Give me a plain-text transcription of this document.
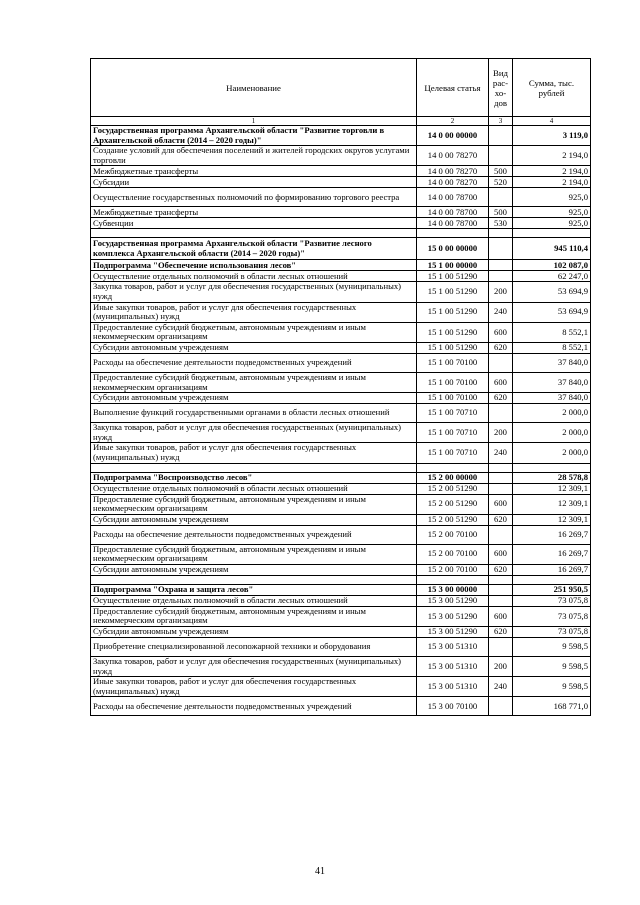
Наименование	Целевая статья	Вид рас- хо- дов	Сумма, тыс. рублей
1	2	3	4
Государственная программа Архангельской области "Развитие торговли в Архангельской области (2014 – 2020 годы)"	14 0 00 00000		3 119,0
Создание условий для обеспечения поселений и жителей городских округов услугами торговли	14 0 00 78270		2 194,0
Межбюджетные трансферты	14 0 00 78270	500	2 194,0
Субсидии	14 0 00 78270	520	2 194,0
Осуществление государственных полномочий по формированию торгового реестра	14 0 00 78700		925,0
Межбюджетные трансферты	14 0 00 78700	500	925,0
Субвенции	14 0 00 78700	530	925,0

Государственная программа Архангельской области "Развитие лесного комплекса Архангельской области (2014 – 2020 годы)"	15 0 00 00000		945 110,4
Подпрограмма "Обеспечение использования лесов"	15 1 00 00000		102 087,0
Осуществление отдельных полномочий в области лесных отношений	15 1 00 51290		62 247,0
Закупка товаров, работ и услуг для обеспечения государственных (муниципальных) нужд	15 1 00 51290	200	53 694,9
Иные закупки товаров, работ и услуг для обеспечения государственных (муниципальных) нужд	15 1 00 51290	240	53 694,9
Предоставление субсидий бюджетным, автономным учреждениям и иным некоммерческим организациям	15 1 00 51290	600	8 552,1
Субсидии автономным учреждениям	15 1 00 51290	620	8 552,1
Расходы на обеспечение деятельности подведомственных учреждений	15 1 00 70100		37 840,0
Предоставление субсидий бюджетным, автономным учреждениям и иным некоммерческим организациям	15 1 00 70100	600	37 840,0
Субсидии автономным учреждениям	15 1 00 70100	620	37 840,0
Выполнение функций государственными органами в области лесных отношений	15 1 00 70710		2 000,0
Закупка товаров, работ и услуг для обеспечения государственных (муниципальных) нужд	15 1 00 70710	200	2 000,0
Иные закупки товаров, работ и услуг для обеспечения государственных (муниципальных) нужд	15 1 00 70710	240	2 000,0

Подпрограмма "Воспроизводство лесов"	15 2 00 00000		28 578,8
Осуществление отдельных полномочий в области лесных отношений	15 2 00 51290		12 309,1
Предоставление субсидий бюджетным, автономным учреждениям и иным некоммерческим организациям	15 2 00 51290	600	12 309,1
Субсидии автономным учреждениям	15 2 00 51290	620	12 309,1
Расходы на обеспечение деятельности подведомственных учреждений	15 2 00 70100		16 269,7
Предоставление субсидий бюджетным, автономным учреждениям и иным некоммерческим организациям	15 2 00 70100	600	16 269,7
Субсидии автономным учреждениям	15 2 00 70100	620	16 269,7

Подпрограмма "Охрана и защита лесов"	15 3 00 00000		251 950,5
Осуществление отдельных полномочий в области лесных отношений	15 3 00 51290		73 075,8
Предоставление субсидий бюджетным, автономным учреждениям и иным некоммерческим организациям	15 3 00 51290	600	73 075,8
Субсидии автономным учреждениям	15 3 00 51290	620	73 075,8
Приобретение специализированной лесопожарной техники и оборудования	15 3 00 51310		9 598,5
Закупка товаров, работ и услуг для обеспечения государственных (муниципальных) нужд	15 3 00 51310	200	9 598,5
Иные закупки товаров, работ и услуг для обеспечения государственных (муниципальных) нужд	15 3 00 51310	240	9 598,5
Расходы на обеспечение деятельности подведомственных учреждений	15 3 00 70100		168 771,0
41
